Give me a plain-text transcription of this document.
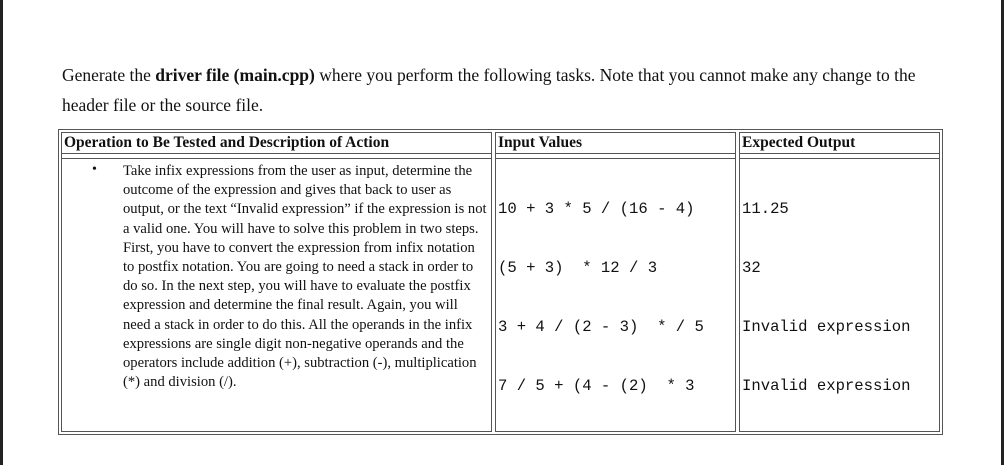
Generate the driver file (main.cpp) where you perform the following tasks. Note that you cannot make any change to the header file or the source file.

Operation to Be Tested and Description of Action
• Take infix expressions from the user as input, determine the outcome of the expression and gives that back to user as output, or the text “Invalid expression” if the expression is not a valid one. You will have to solve this problem in two steps. First, you have to convert the expression from infix notation to postfix notation. You are going to need a stack in order to do so. In the next step, you will have to evaluate the postfix expression and determine the final result. Again, you will need a stack in order to do this. All the operands in the infix expressions are single digit non-negative operands and the operators include addition (+), subtraction (-), multiplication (*) and division (/).

Input Values

10 + 3 * 5 / (16 - 4)

(5 + 3)  * 12 / 3

3 + 4 / (2 - 3)  * / 5

7 / 5 + (4 - (2)  * 3

Expected Output

11.25

32

Invalid expression

Invalid expression
